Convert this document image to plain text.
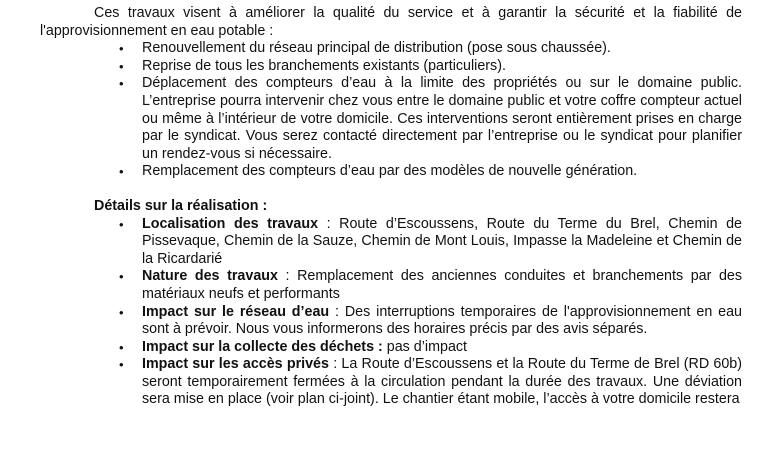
Ces travaux visent à améliorer la qualité du service et à garantir la sécurité et la fiabilité de l'approvisionnement en eau potable :

• Renouvellement du réseau principal de distribution (pose sous chaussée).
• Reprise de tous les branchements existants (particuliers).
• Déplacement des compteurs d’eau à la limite des propriétés ou sur le domaine public. L’entreprise pourra intervenir chez vous entre le domaine public et votre coffre compteur actuel ou même à l’intérieur de votre domicile. Ces interventions seront entièrement prises en charge par le syndicat. Vous serez contacté directement par l’entreprise ou le syndicat pour planifier un rendez-vous si nécessaire.
• Remplacement des compteurs d’eau par des modèles de nouvelle génération.

Détails sur la réalisation :

• Localisation des travaux : Route d’Escoussens, Route du Terme du Brel, Chemin de Pissevaque, Chemin de la Sauze, Chemin de Mont Louis, Impasse la Madeleine et Chemin de la Ricardarié
• Nature des travaux : Remplacement des anciennes conduites et branchements par des matériaux neufs et performants
• Impact sur le réseau d’eau : Des interruptions temporaires de l'approvisionnement en eau sont à prévoir. Nous vous informerons des horaires précis par des avis séparés.
• Impact sur la collecte des déchets : pas d’impact
• Impact sur les accès privés : La Route d’Escoussens et la Route du Terme de Brel (RD 60b) seront temporairement fermées à la circulation pendant la durée des travaux. Une déviation sera mise en place (voir plan ci-joint). Le chantier étant mobile, l’accès à votre domicile restera
